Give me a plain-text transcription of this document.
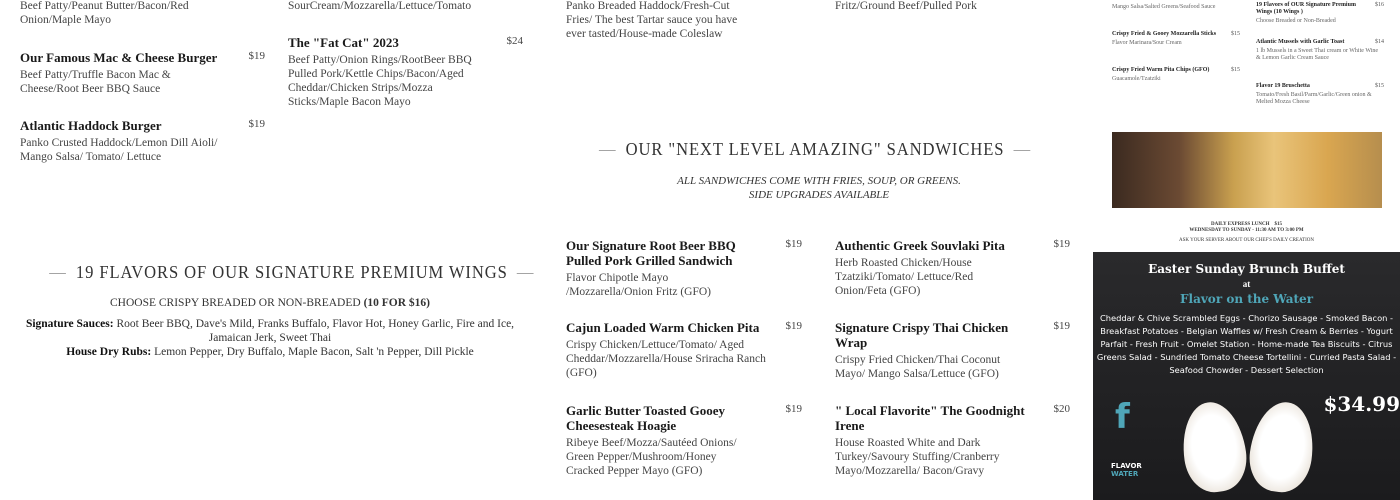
Beef Patty/Peanut Butter/Bacon/Red Onion/Maple Mayo
Our Famous Mac & Cheese Burger	$19
Beef Patty/Truffle Bacon Mac & Cheese/Root Beer BBQ Sauce
Atlantic Haddock Burger	$19
Panko Crusted Haddock/Lemon Dill Aioli/ Mango Salsa/ Tomato/ Lettuce
SourCream/Mozzarella/Lettuce/Tomato
The "Fat Cat" 2023	$24
Beef Patty/Onion Rings/RootBeer BBQ Pulled Pork/Kettle Chips/Bacon/Aged Cheddar/Chicken Strips/Mozza Sticks/Maple Bacon Mayo
Panko Breaded Haddock/Fresh-Cut Fries/ The best Tartar sauce you have ever tasted/House-made Coleslaw
Fritz/Ground Beef/Pulled Pork
— 19 FLAVORS OF OUR SIGNATURE PREMIUM WINGS —
CHOOSE CRISPY BREADED OR NON-BREADED (10 FOR $16)
Signature Sauces: Root Beer BBQ, Dave's Mild, Franks Buffalo, Flavor Hot, Honey Garlic, Fire and Ice, Jamaican Jerk, Sweet Thai
House Dry Rubs: Lemon Pepper, Dry Buffalo, Maple Bacon, Salt 'n Pepper, Dill Pickle
— OUR "NEXT LEVEL AMAZING" SANDWICHES —
ALL SANDWICHES COME WITH FRIES, SOUP, OR GREENS.
SIDE UPGRADES AVAILABLE
Our Signature Root Beer BBQ Pulled Pork Grilled Sandwich
$19
Flavor Chipotle Mayo /Mozzarella/Onion Fritz (GFO)
Authentic Greek Souvlaki Pita	$19
Herb Roasted Chicken/House Tzatziki/Tomato/ Lettuce/Red Onion/Feta (GFO)
Cajun Loaded Warm Chicken Pita	$19
Crispy Chicken/Lettuce/Tomato/ Aged Cheddar/Mozzarella/House Sriracha Ranch (GFO)
Signature Crispy Thai Chicken Wrap
$19
Crispy Fried Chicken/Thai Coconut Mayo/ Mango Salsa/Lettuce (GFO)
Garlic Butter Toasted Gooey Cheesesteak Hoagie
$19
Ribeye Beef/Mozza/Sautéed Onions/ Green Pepper/Mushroom/Honey Cracked Pepper Mayo (GFO)
" Local Flavorite" The Goodnight Irene
$20
House Roasted White and Dark Turkey/Savoury Stuffing/Cranberry Mayo/Mozzarella/ Bacon/Gravy
Mango Salsa/Salted Greens/Seafood Sauce
Crispy Fried & Gooey Mozzarella Sticks	$15
Flavor Marinara/Sour Cream
Crispy Fried Warm Pita Chips (GFO)	$15
Guacamole/Tzatziki
19 Flavors of OUR Signature Premium Wings (10 Wings )
$16
Choose Breaded or Non-Breaded
Atlantic Mussels with Garlic Toast	$14
1 lb Mussels in a Sweet Thai cream or White Wine & Lemon Garlic Cream Sauce
Flavor 19 Bruschetta	$15
Tomato/Fresh Basil/Parm/Garlic/Green onion & Melted Mozza Cheese
DAILY EXPRESS LUNCH $15
WEDNESDAY TO SUNDAY - 11:30 AM TO 3:00 PM
ASK YOUR SERVER ABOUT OUR CHEF'S DAILY CREATION
Easter Sunday Brunch Buffet
at
Flavor on the Water
Cheddar & Chive Scrambled Eggs - Chorizo Sausage - Smoked Bacon - Breakfast Potatoes - Belgian Waffles w/ Fresh Cream & Berries - Yogurt Parfait - Fresh Fruit - Omelet Station - Home-made Tea Biscuits - Citrus Greens Salad - Sundried Tomato Cheese Tortellini - Curried Pasta Salad - Seafood Chowder - Dessert Selection
$34.99
f
FLAVOR
WATER
